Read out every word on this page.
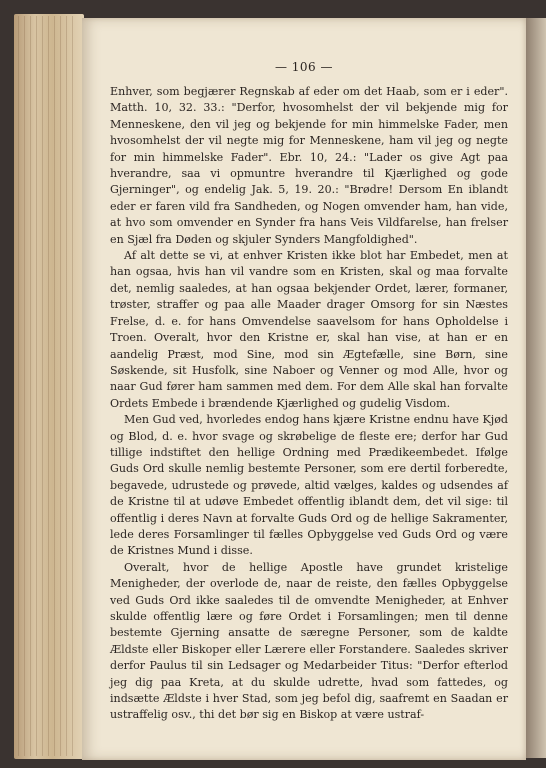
— 106 —

Enhver, som begjærer Regnskab af eder om det Haab, som er i eder". Matth. 10, 32. 33.: "Derfor, hvosomhelst der vil bekjende mig for Menneskene, den vil jeg og bekjende for min himmelske Fader, men hvosomhelst der vil negte mig for Menneskene, ham vil jeg og negte for min himmelske Fader". Ebr. 10, 24.: "Lader os give Agt paa hverandre, saa vi opmuntre hverandre til Kjærlighed og gode Gjerninger", og endelig Jak. 5, 19. 20.: "Brødre! Dersom En iblandt eder er faren vild fra Sandheden, og Nogen omvender ham, han vide, at hvo som omvender en Synder fra hans Veis Vildfarelse, han frelser en Sjæl fra Døden og skjuler Synders Mangfoldighed".

Af alt dette se vi, at enhver Kristen ikke blot har Embedet, men at han ogsaa, hvis han vil vandre som en Kristen, skal og maa forvalte det, nemlig saaledes, at han ogsaa bekjender Ordet, lærer, formaner, trøster, straffer og paa alle Maader drager Omsorg for sin Næstes Frelse, d. e. for hans Omvendelse saavelsom for hans Opholdelse i Troen. Overalt, hvor den Kristne er, skal han vise, at han er en aandelig Præst, mod Sine, mod sin Ægtefælle, sine Børn, sine Søskende, sit Husfolk, sine Naboer og Venner og mod Alle, hvor og naar Gud fører ham sammen med dem. For dem Alle skal han forvalte Ordets Embede i brændende Kjærlighed og gudelig Visdom.

Men Gud ved, hvorledes endog hans kjære Kristne endnu have Kjød og Blod, d. e. hvor svage og skrøbelige de fleste ere; derfor har Gud tillige indstiftet den hellige Ordning med Prædikeembedet. Ifølge Guds Ord skulle nemlig bestemte Personer, som ere dertil forberedte, begavede, udrustede og prøvede, altid vælges, kaldes og udsendes af de Kristne til at udøve Embedet offentlig iblandt dem, det vil sige: til offentlig i deres Navn at forvalte Guds Ord og de hellige Sakramenter, lede deres Forsamlinger til fælles Opbyggelse ved Guds Ord og være de Kristnes Mund i disse.

Overalt, hvor de hellige Apostle have grundet kristelige Menigheder, der overlode de, naar de reiste, den fælles Opbyggelse ved Guds Ord ikke saaledes til de omvendte Menigheder, at Enhver skulde offentlig lære og føre Ordet i Forsamlingen; men til denne bestemte Gjerning ansatte de særegne Personer, som de kaldte Ældste eller Biskoper eller Lærere eller Forstandere. Saaledes skriver derfor Paulus til sin Ledsager og Medarbeider Titus: "Derfor efterlod jeg dig paa Kreta, at du skulde udrette, hvad som fattedes, og indsætte Ældste i hver Stad, som jeg befol dig, saafremt en Saadan er ustraffelig osv., thi det bør sig en Biskop at være ustraf-
